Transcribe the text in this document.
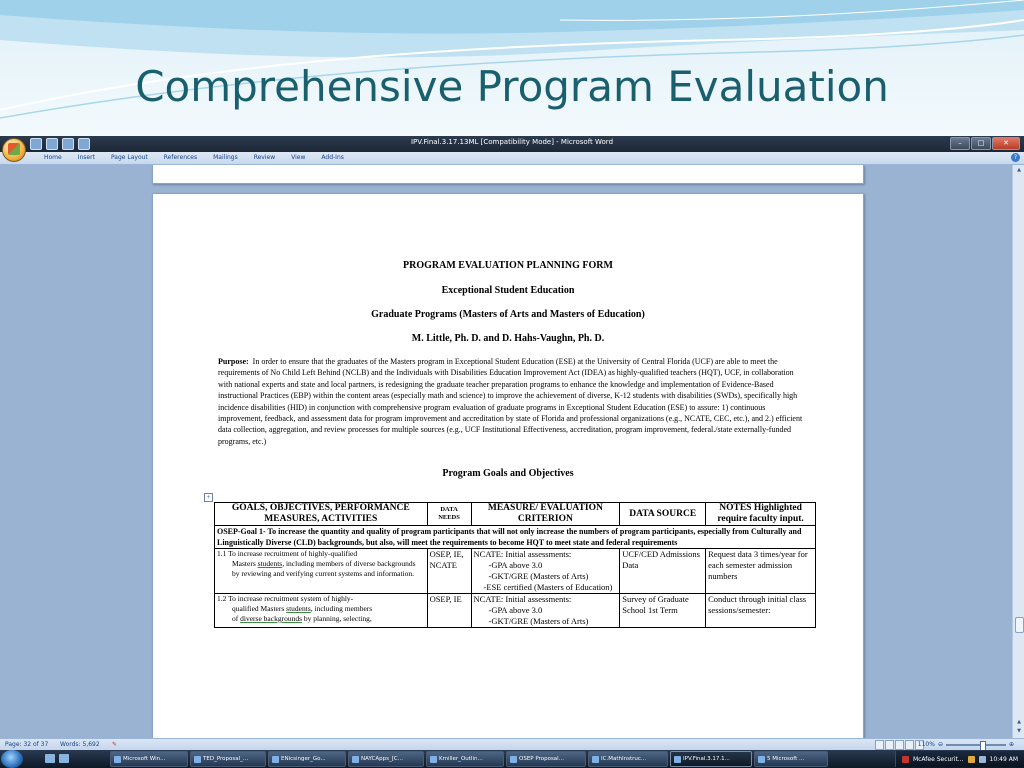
Comprehensive Program Evaluation
IPV.Final.3.17.13ML [Compatibility Mode] - Microsoft Word	–	□	✕
Home	Insert	Page Layout	References	Mailings	Review	View	Add-Ins	?
PROGRAM EVALUATION PLANNING FORM
Exceptional Student Education
Graduate Programs (Masters of Arts and Masters of Education)
M. Little, Ph. D. and D. Hahs-Vaughn, Ph. D.
Purpose: In order to ensure that the graduates of the Masters program in Exceptional Student Education (ESE) at the University of Central Florida (UCF) are able to meet the requirements of No Child Left Behind (NCLB) and the Individuals with Disabilities Education Improvement Act (IDEA) as highly-qualified teachers (HQT), UCF, in collaboration with national experts and state and local partners, is redesigning the graduate teacher preparation programs to enhance the knowledge and implementation of Evidence-Based instructional Practices (EBP) within the content areas (especially math and science) to improve the achievement of diverse, K-12 students with disabilities (SWDs), specifically high incidence disabilities (HID) in conjunction with comprehensive program evaluation of graduate programs in Exceptional Student Education (ESE) to assure: 1) continuous improvement, feedback, and assessment data for program improvement and accreditation by state of Florida and professional organizations (e.g., NCATE, CEC, etc.), and 2.) efficient data collection, aggregation, and review processes for multiple sources (e.g., UCF Institutional Effectiveness, accreditation, program improvement, federal./state externally-funded programs, etc.)
Program Goals and Objectives
+
GOALS, OBJECTIVES, PERFORMANCE MEASURES, ACTIVITIES	DATA NEEDS	MEASURE/ EVALUATION CRITERION	DATA SOURCE	NOTES Highlighted require faculty input.
OSEP-Goal 1- To increase the quantity and quality of program participants that will not only increase the numbers of program participants, especially from Culturally and Linguistically Diverse (CLD) backgrounds, but also, will meet the requirements to become HQT to meet state and federal requirements				
1.1 To increase recruitment of highly-qualified
Masters students, including members of diverse backgrounds by reviewing and verifying current systems and information.	OSEP, IE, NCATE	NCATE: Initial assessments:
-GPA above 3.0
-GKT/GRE (Masters of Arts)
-ESE certified (Masters of Education)	UCF/CED Admissions Data	Request data 3 times/year for each semester admission numbers
1.2 To increase recruitment system of highly-
qualified Masters students, including members
of diverse backgrounds by planning, selecting,	OSEP, IE	NCATE: Initial assessments:
-GPA above 3.0
-GKT/GRE (Masters of Arts)	Survey of Graduate School 1st Term	Conduct through initial class sessions/semester:
▲
▲
▼
Page: 32 of 37 Words: 5,692 ✎	110% ⊖	⊕
Microsoft Win...	TED_Proposal_...	ENicsinger_Go...	NAYCApps_[C...	Kmiller_Outlin...	OSEP Proposal...	IC.MathInstruc...	IPV.Final.3.17.1...	5 Microsoft ...	McAfee Securit...	10:49 AM
